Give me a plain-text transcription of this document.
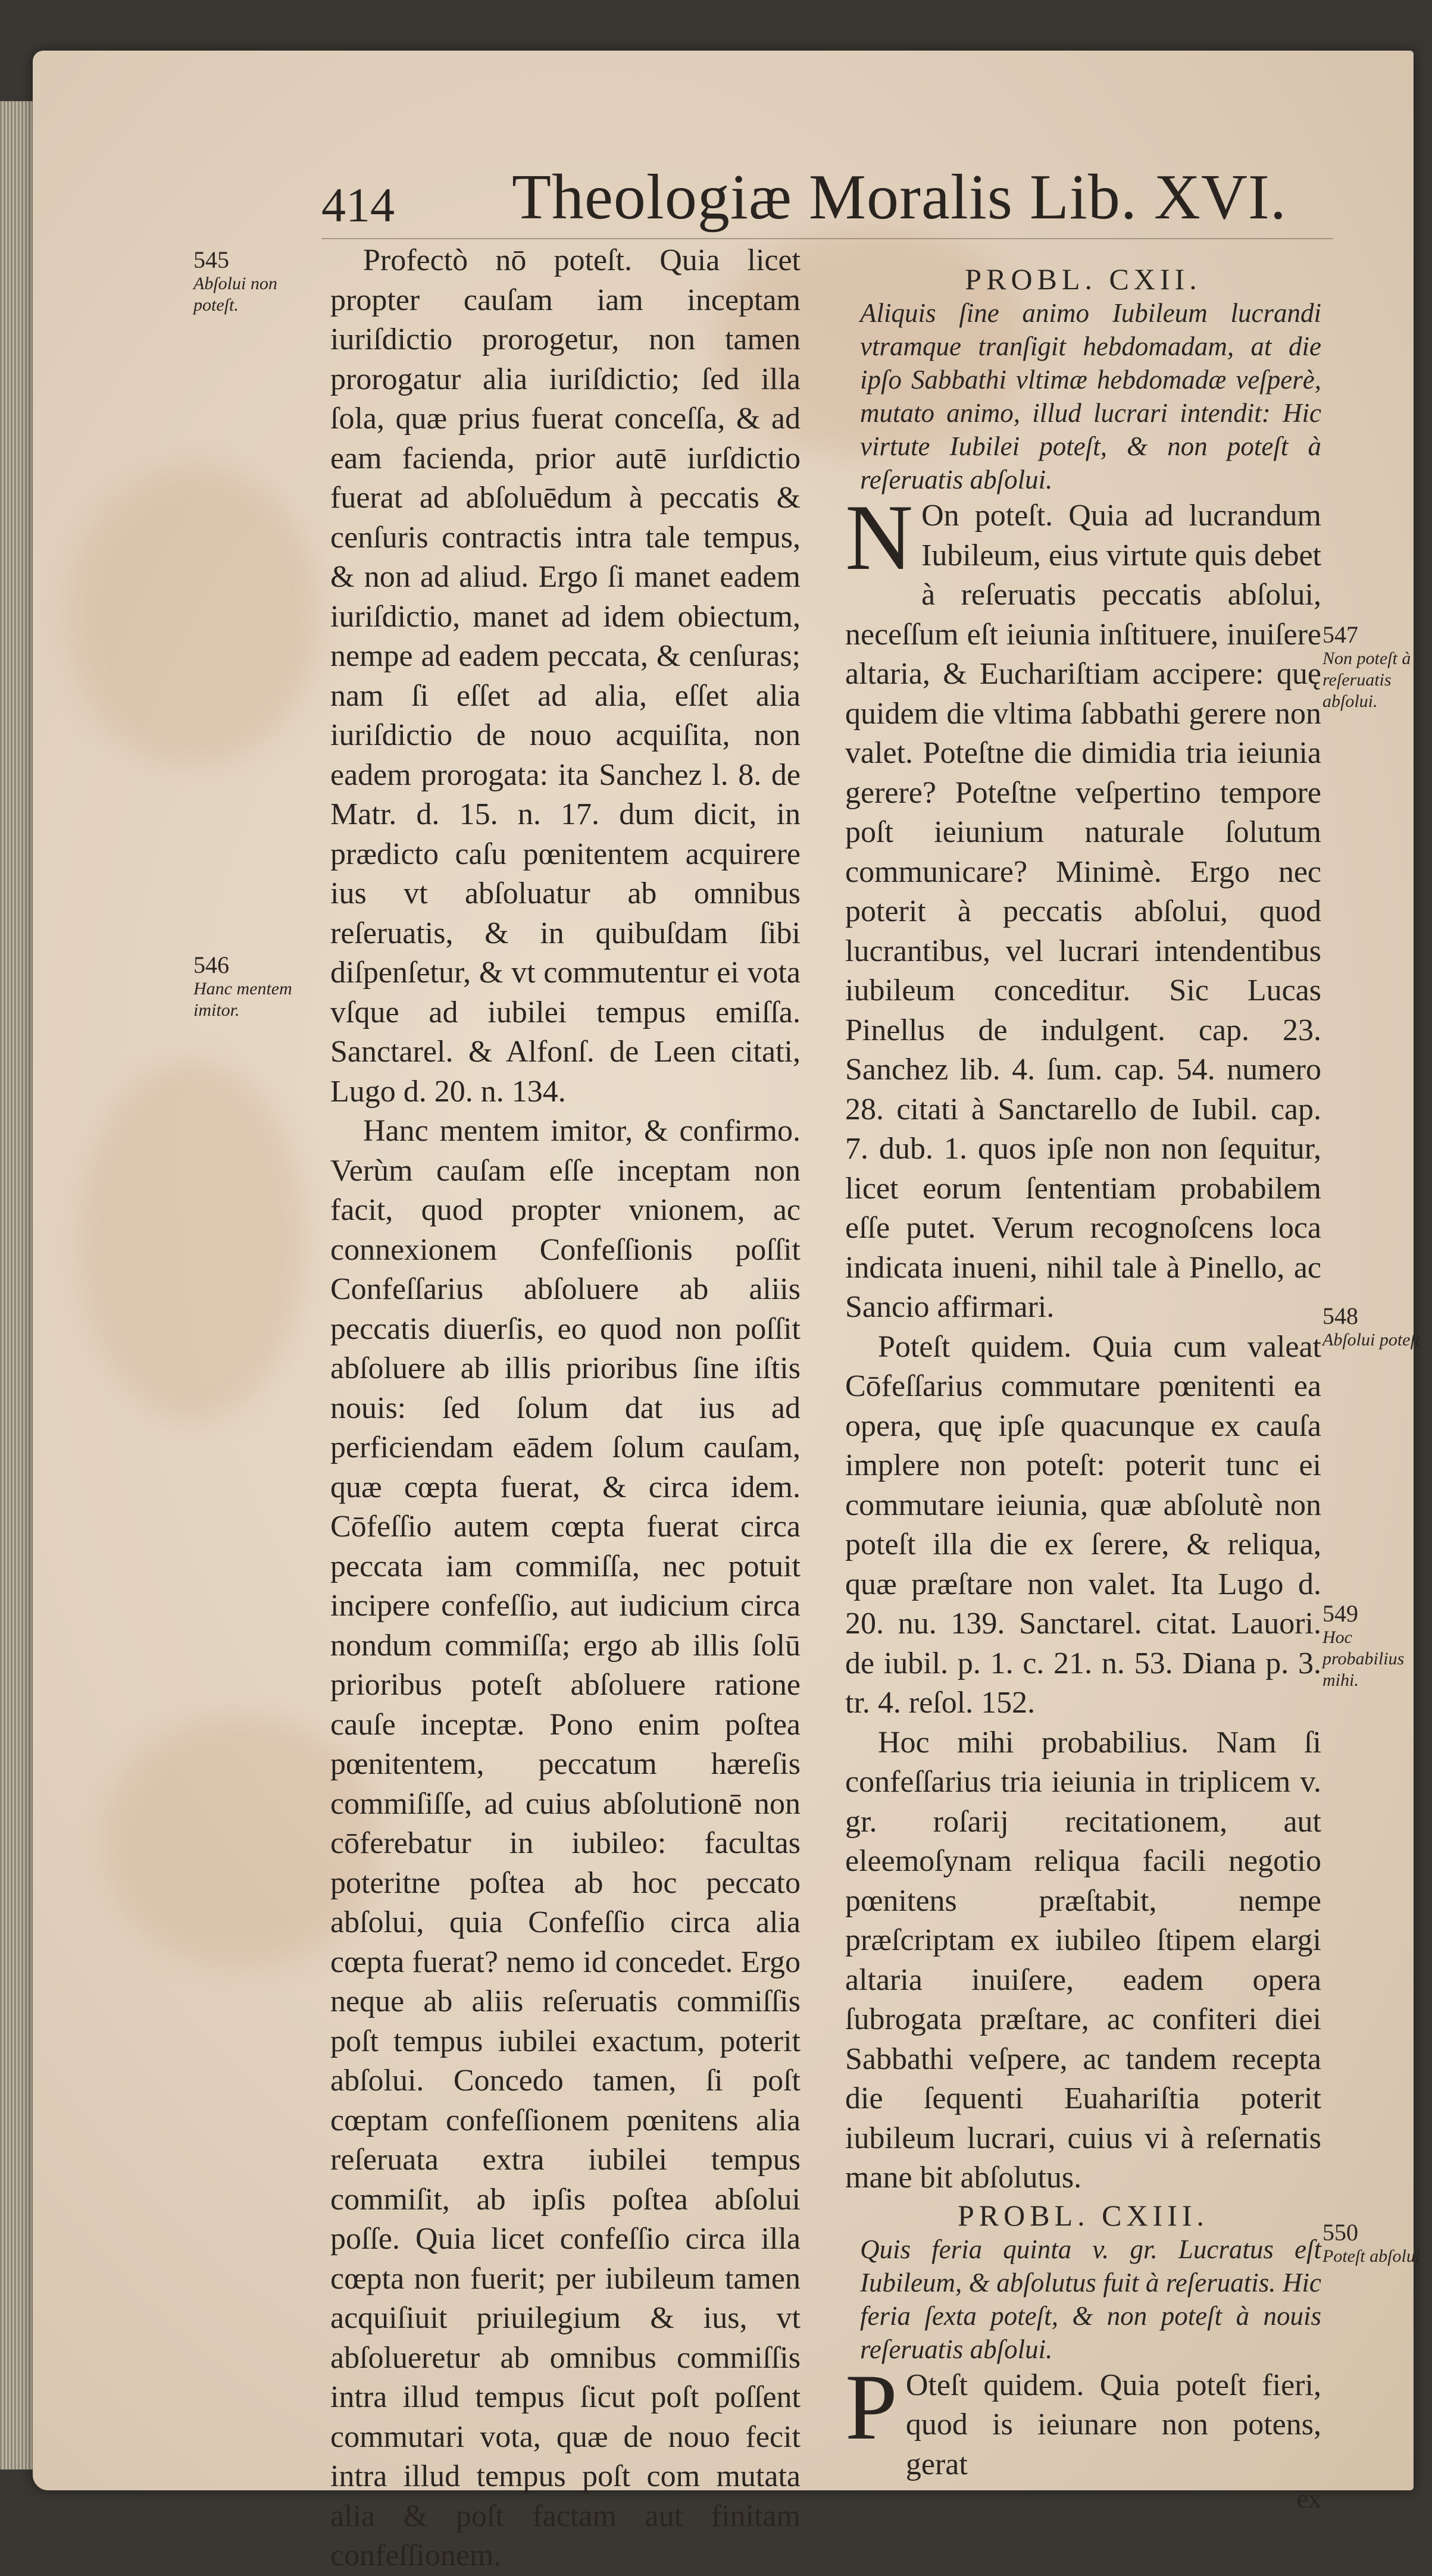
414 Theologiæ Moralis Lib. XVI.
545
Abſolui non poteſt.
546
Hanc mentem imitor.

Profectò nō poteſt. Quia licet propter cauſam iam inceptam iuriſdictio prorogetur, non tamen prorogatur alia iuriſdictio; ſed illa ſola, quæ prius fuerat conceſſa, & ad eam facienda, prior autē iurſdictio fuerat ad abſoluēdum à peccatis & cenſuris contractis intra tale tempus, & non ad aliud. Ergo ſi manet eadem iuriſdictio, manet ad idem obiectum, nempe ad eadem peccata, & cenſuras; nam ſi eſſet ad alia, eſſet alia iuriſdictio de nouo acquiſita, non eadem prorogata: ita Sanchez l. 8. de Matr. d. 15. n. 17. dum dicit, in prædicto caſu pœnitentem acquirere ius vt abſoluatur ab omnibus reſeruatis, & in quibuſdam ſibi diſpenſetur, & vt commutentur ei vota vſque ad iubilei tempus emiſſa. Sanctarel. & Alfonſ. de Leen citati, Lugo d. 20. n. 134.

Hanc mentem imitor, & confirmo. Verùm cauſam eſſe inceptam non facit, quod propter vnionem, ac connexionem Confeſſionis poſſit Confeſſarius abſoluere ab aliis peccatis diuerſis, eo quod non poſſit abſoluere ab illis prioribus ſine iſtis nouis: ſed ſolum dat ius ad perficiendam eādem ſolum cauſam, quæ cœpta fuerat, & circa idem. Cōfeſſio autem cœpta fuerat circa peccata iam commiſſa, nec potuit incipere confeſſio, aut iudicium circa nondum commiſſa; ergo ab illis ſolū prioribus poteſt abſoluere ratione cauſe inceptæ. Pono enim poſtea pœnitentem, peccatum hæreſis commiſiſſe, ad cuius abſolutionē non cōferebatur in iubileo: facultas poteritne poſtea ab hoc peccato abſolui, quia Confeſſio circa alia cœpta fuerat? nemo id concedet. Ergo neque ab aliis reſeruatis commiſſis poſt tempus iubilei exactum, poterit abſolui. Concedo tamen, ſi poſt cœptam confeſſionem pœnitens alia reſeruata extra iubilei tempus commiſit, ab ipſis poſtea abſolui poſſe. Quia licet confeſſio circa illa cœpta non fuerit; per iubileum tamen acquiſiuit priuilegium & ius, vt abſolueretur ab omnibus commiſſis intra illud tempus ſicut poſt poſſent commutari vota, quæ de nouo fecit intra illud tempus poſt com mutata alia & poſt factam aut finitam confeſſionem.

PROBL. CXII.

Aliquis ſine animo Iubileum lucrandi vtramque tranſigit hebdomadam, at die ipſo Sabbathi vltimæ hebdomadæ veſperè, mutato animo, illud lucrari intendit: Hic virtute Iubilei poteſt, & non poteſt à reſeruatis abſolui.

N On poteſt. Quia ad lucrandum Iubileum, eius virtute quis debet à reſeruatis peccatis abſolui, neceſſum eſt ieiunia inſtituere, inuiſere altaria, & Euchariſtiam accipere: quę quidem die vltima ſabbathi gerere non valet. Poteſtne die dimidia tria ieiunia gerere? Poteſtne veſpertino tempore poſt ieiunium naturale ſolutum communicare? Minimè. Ergo nec poterit à peccatis abſolui, quod lucrantibus, vel lucrari intendentibus iubileum conceditur. Sic Lucas Pinellus de indulgent. cap. 23. Sanchez lib. 4. ſum. cap. 54. numero 28. citati à Sanctarello de Iubil. cap. 7. dub. 1. quos ipſe non non ſequitur, licet eorum ſententiam probabilem eſſe putet. Verum recognoſcens loca indicata inueni, nihil tale à Pinello, ac Sancio affirmari.

Poteſt quidem. Quia cum valeat Cōfeſſarius commutare pœnitenti ea opera, quę ipſe quacunque ex cauſa implere non poteſt: poterit tunc ei commutare ieiunia, quæ abſolutè non poteſt illa die ex ſerere, & reliqua, quæ præſtare non valet. Ita Lugo d. 20. nu. 139. Sanctarel. citat. Lauori. de iubil. p. 1. c. 21. n. 53. Diana p. 3. tr. 4. reſol. 152.

Hoc mihi probabilius. Nam ſi confeſſarius tria ieiunia in triplicem v. gr. roſarij recitationem, aut eleemoſynam reliqua facili negotio pœnitens præſtabit, nempe præſcriptam ex iubileo ſtipem elargi altaria inuiſere, eadem opera ſubrogata præſtare, ac confiteri diei Sabbathi veſpere, ac tandem recepta die ſequenti Euahariſtia poterit iubileum lucrari, cuius vi à reſernatis mane bit abſolutus.

PROBL. CXIII.

Quis feria quinta v. gr. Lucratus eſt Iubileum, & abſolutus fuit à reſeruatis. Hic feria ſexta poteſt, & non poteſt à nouis reſeruatis abſolui.

P Oteſt quidem. Quia poteſt fieri, quod is ieiunare non potens, gerat

ex

547
Non poteſt à reſeruatis abſolui.
548
Abſolui poteſt
549
Hoc probabilius mihi.
550
Poteſt abſolui
